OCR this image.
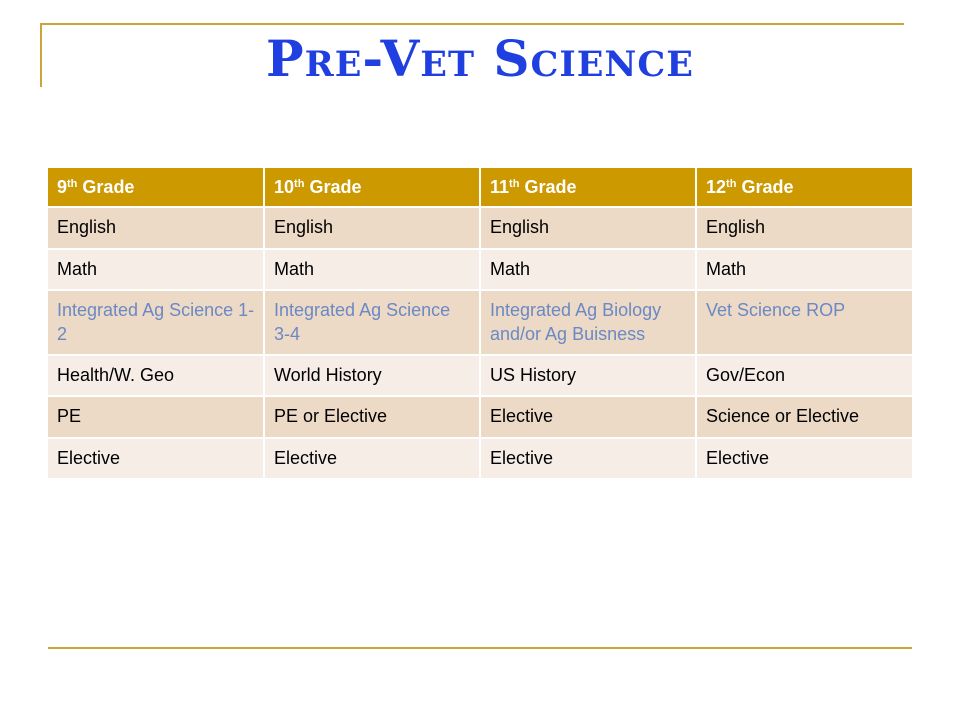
Pre-Vet Science
9th Grade	10th Grade	11th Grade	12th Grade
English	English	English	English
Math	Math	Math	Math
Integrated Ag Science 1-2	Integrated Ag Science 3-4	Integrated Ag Biology and/or Ag Buisness	Vet Science ROP
Health/W. Geo	World History	US History	Gov/Econ
PE	PE or Elective	Elective	Science or Elective
Elective	Elective	Elective	Elective
